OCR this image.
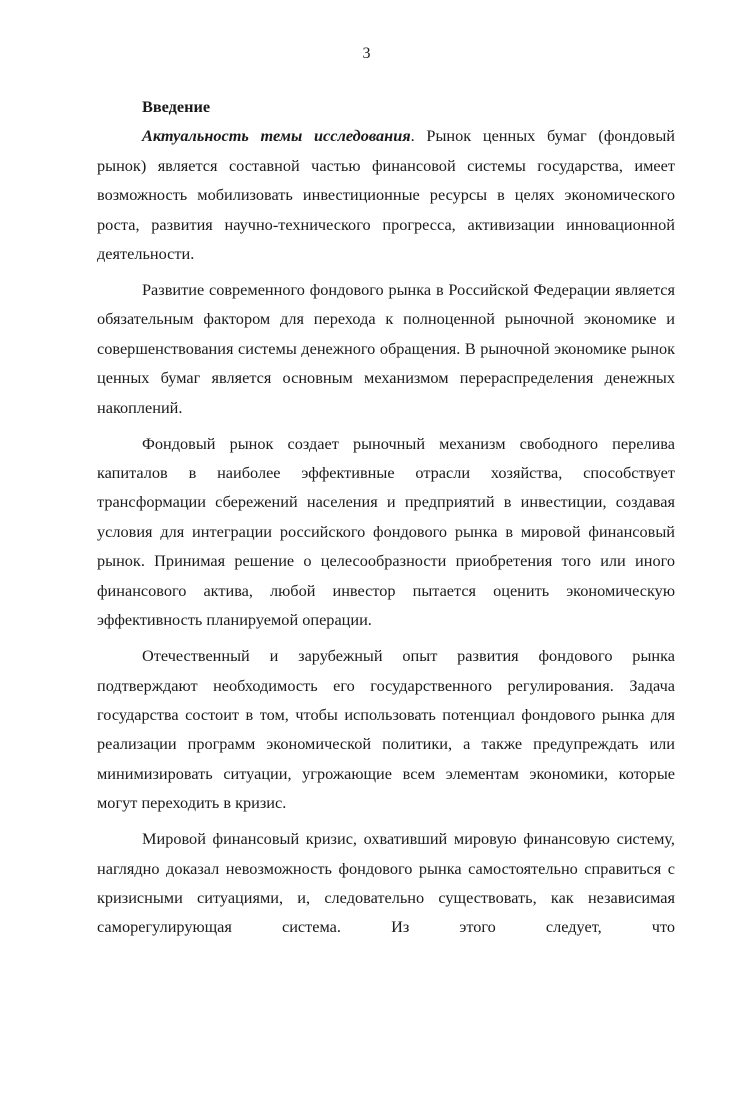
3
Введение

Актуальность темы исследования. Рынок ценных бумаг (фондовый рынок) является составной частью финансовой системы государства, имеет возможность мобилизовать инвестиционные ресурсы в целях экономического роста, развития научно-технического прогресса, активизации инновационной деятельности.

Развитие современного фондового рынка в Российской Федерации является обязательным фактором для перехода к полноценной рыночной экономике и совершенствования системы денежного обращения. В рыночной экономике рынок ценных бумаг является основным механизмом перераспределения денежных накоплений.

Фондовый рынок создает рыночный механизм свободного перелива капиталов в наиболее эффективные отрасли хозяйства, способствует трансформации сбережений населения и предприятий в инвестиции, создавая условия для интеграции российского фондового рынка в мировой финансовый рынок. Принимая решение о целесообразности приобретения того или иного финансового актива, любой инвестор пытается оценить экономическую эффективность планируемой операции.

Отечественный и зарубежный опыт развития фондового рынка подтверждают необходимость его государственного регулирования. Задача государства состоит в том, чтобы использовать потенциал фондового рынка для реализации программ экономической политики, а также предупреждать или минимизировать ситуации, угрожающие всем элементам экономики, которые могут переходить в кризис.

Мировой финансовый кризис, охвативший мировую финансовую систему, наглядно доказал невозможность фондового рынка самостоятельно справиться с кризисными ситуациями, и, следовательно существовать, как независимая саморегулирующая система. Из этого следует, что
